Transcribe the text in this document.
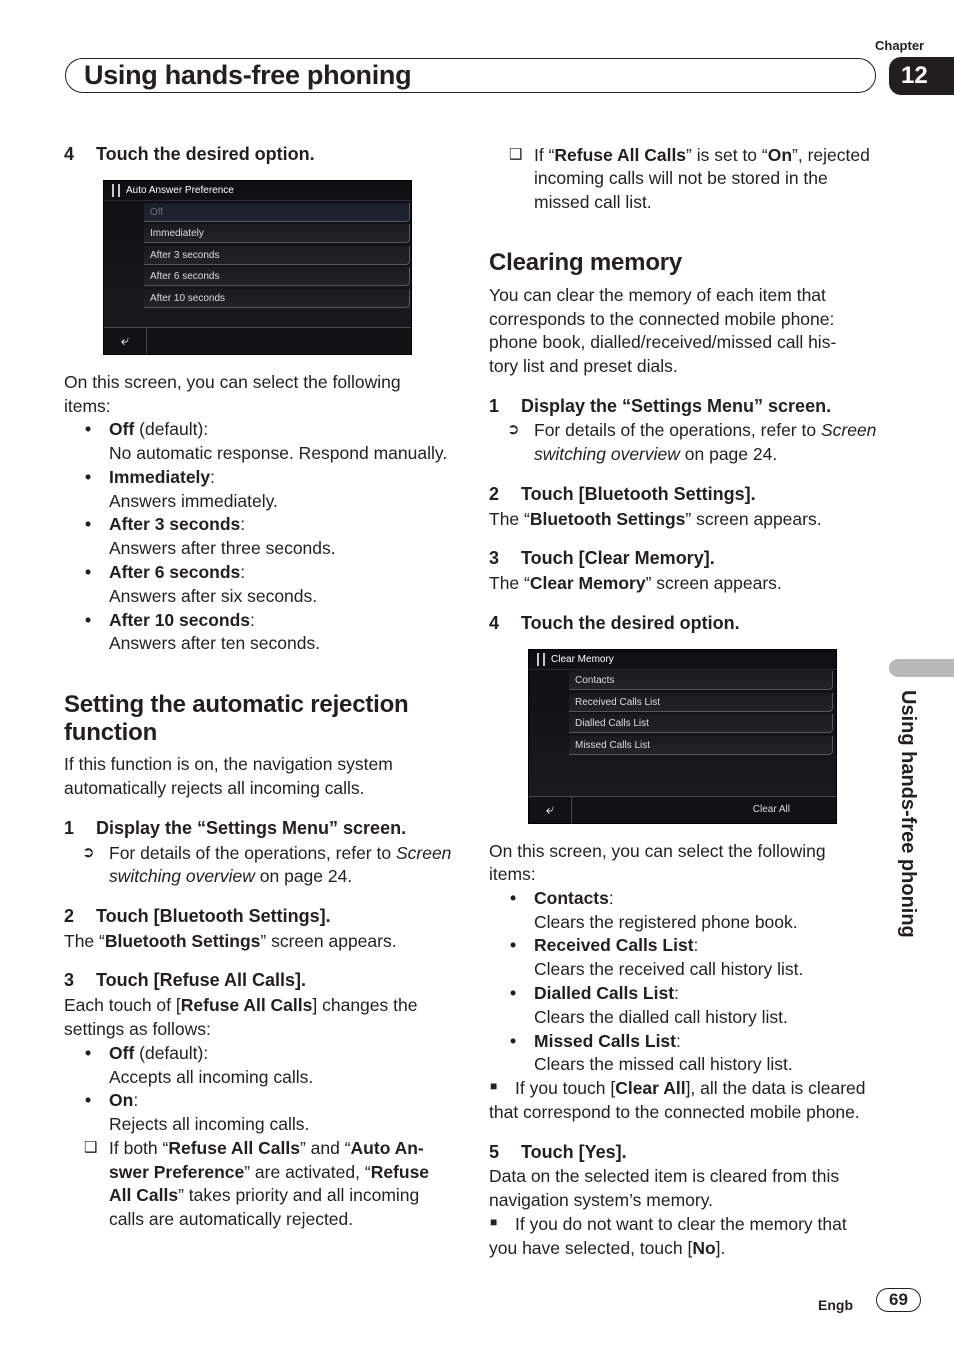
Chapter
Using hands-free phoning	12
Using hands-free phoning
4 Touch the desired option.
Auto Answer Preference
Off
Immediately
After 3 seconds
After 6 seconds
After 10 seconds
⤶
On this screen, you can select the following
items:
• Off (default):
No automatic response. Respond manually.
• Immediately:
Answers immediately.
• After 3 seconds:
Answers after three seconds.
• After 6 seconds:
Answers after six seconds.
• After 10 seconds:
Answers after ten seconds.
Setting the automatic rejection
function
If this function is on, the navigation system
automatically rejects all incoming calls.
1 Display the “Settings Menu” screen.
➲ For details of the operations, refer to Screen
switching overview on page 24.
2 Touch [Bluetooth Settings].
The “Bluetooth Settings” screen appears.
3 Touch [Refuse All Calls].
Each touch of [Refuse All Calls] changes the
settings as follows:
• Off (default):
Accepts all incoming calls.
• On:
Rejects all incoming calls.
❑ If both “Refuse All Calls” and “Auto An-
swer Preference” are activated, “Refuse
All Calls” takes priority and all incoming
calls are automatically rejected.
❑ If “Refuse All Calls” is set to “On”, rejected
incoming calls will not be stored in the
missed call list.
Clearing memory
You can clear the memory of each item that
corresponds to the connected mobile phone:
phone book, dialled/received/missed call his-
tory list and preset dials.
1 Display the “Settings Menu” screen.
➲ For details of the operations, refer to Screen
switching overview on page 24.
2 Touch [Bluetooth Settings].
The “Bluetooth Settings” screen appears.
3 Touch [Clear Memory].
The “Clear Memory” screen appears.
4 Touch the desired option.
Clear Memory
Contacts
Received Calls List
Dialled Calls List
Missed Calls List
⤶	Clear All
On this screen, you can select the following
items:
• Contacts:
Clears the registered phone book.
• Received Calls List:
Clears the received call history list.
• Dialled Calls List:
Clears the dialled call history list.
• Missed Calls List:
Clears the missed call history list.
■ If you touch [Clear All], all the data is cleared
that correspond to the connected mobile phone.
5 Touch [Yes].
Data on the selected item is cleared from this
navigation system’s memory.
■ If you do not want to clear the memory that
you have selected, touch [No].
Engb	69
